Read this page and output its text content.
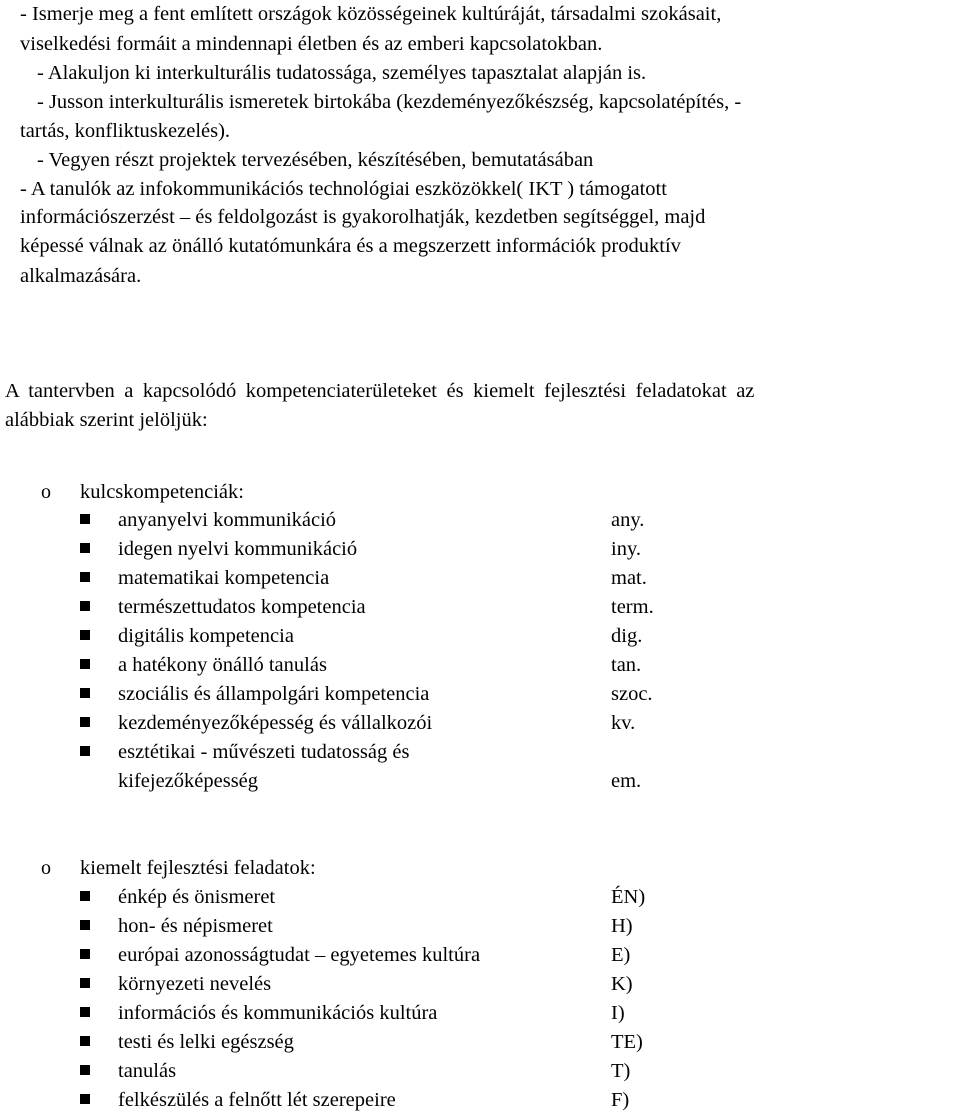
- Ismerje meg a fent említett országok közösségeinek kultúráját, társadalmi szokásait,
viselkedési formáit a mindennapi életben és az emberi kapcsolatokban.
- Alakuljon ki interkulturális tudatossága, személyes tapasztalat alapján is.
- Jusson interkulturális ismeretek birtokába (kezdeményezőkészség, kapcsolatépítés, -
tartás, konfliktuskezelés).
- Vegyen részt projektek tervezésében, készítésében, bemutatásában
- A tanulók az infokommunikációs technológiai eszközökkel( IKT ) támogatott
információszerzést – és feldolgozást is gyakorolhatják, kezdetben segítséggel, majd
képessé válnak az önálló kutatómunkára és a megszerzett információk produktív
alkalmazására.
A tantervben a kapcsolódó kompetenciaterületeket és kiemelt fejlesztési feladatokat az
alábbiak szerint jelöljük:
o kulcskompetenciák:
anyanyelvi kommunikáció	any.
idegen nyelvi kommunikáció	iny.
matematikai kompetencia	mat.
természettudatos kompetencia	term.
digitális kompetencia	dig.
a hatékony önálló tanulás	tan.
szociális és állampolgári kompetencia	szoc.
kezdeményezőképesség és vállalkozói	kv.
esztétikai - művészeti tudatosság és
kifejezőképesség	em.
o kiemelt fejlesztési feladatok:
énkép és önismeret	ÉN)
hon- és népismeret	H)
európai azonosságtudat – egyetemes kultúra	E)
környezeti nevelés	K)
információs és kommunikációs kultúra	I)
testi és lelki egészség	TE)
tanulás	T)
felkészülés a felnőtt lét szerepeire	F)
